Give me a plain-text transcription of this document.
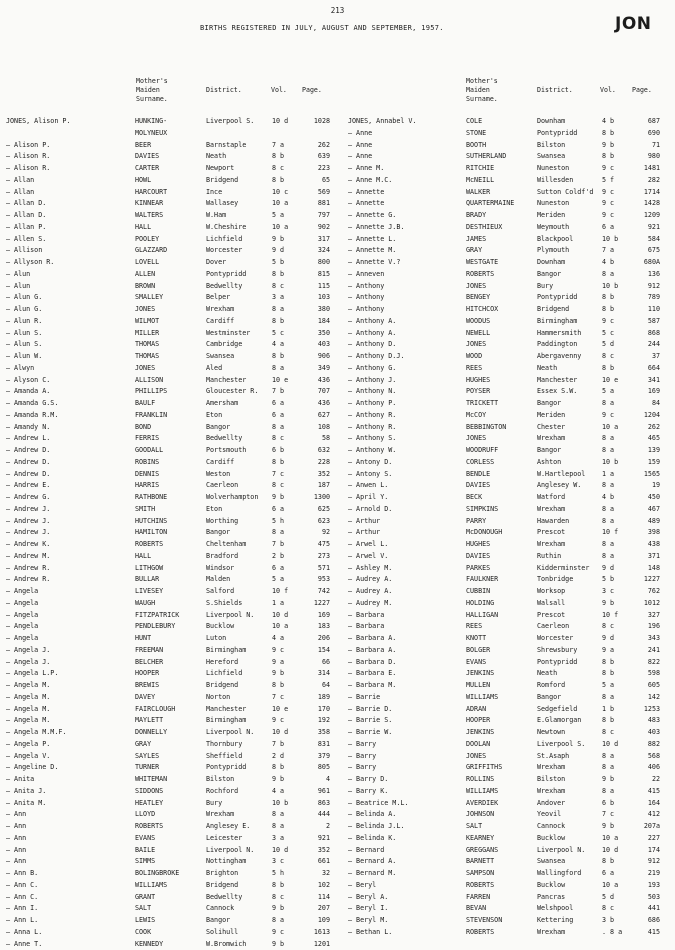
213
BIRTHS REGISTERED IN JULY, AUGUST AND SEPTEMBER, 1957.	JON
Mother's
Maiden
Surname.
District.	Vol. Page.
Mother's
Maiden
Surname.
District.	Vol. Page.
JONES, Alison P.	HUNKING-	Liverpool S.	10 d	1028
MOLYNEUX
— Alison P.	BEER	Barnstaple	7 a	262
— Alison R.	DAVIES	Neath	8 b	639
— Alison R.	CARTER	Newport	8 c	223
— Allan	HOWL	Bridgend	8 b	65
— Allan	HARCOURT	Ince	10 c	569
— Allan D.	KINNEAR	Wallasey	10 a	881
— Allan D.	WALTERS	W.Ham	5 a	797
— Allan P.	HALL	W.Cheshire	10 a	902
— Allen S.	POOLEY	Lichfield	9 b	317
— Allison	GLAZZARD	Worcester	9 d	324
— Allyson R.	LOVELL	Dover	5 b	800
— Alun	ALLEN	Pontypridd	8 b	815
— Alun	BROWN	Bedwellty	8 c	115
— Alun G.	SMALLEY	Belper	3 a	103
— Alun G.	JONES	Wrexham	8 a	380
— Alun R.	WILMOT	Cardiff	8 b	184
— Alun S.	MILLER	Westminster	5 c	350
— Alun S.	THOMAS	Cambridge	4 a	403
— Alun W.	THOMAS	Swansea	8 b	906
— Alwyn	JONES	Aled	8 a	349
— Alyson C.	ALLISON	Manchester	10 e	436
— Amanda A.	PHILLIPS	Gloucester R.	7 b	707
— Amanda G.S.	BAULF	Amersham	6 a	436
— Amanda R.M.	FRANKLIN	Eton	6 a	627
— Amandy N.	BOND	Bangor	8 a	108
— Andrew L.	FERRIS	Bedwellty	8 c	58
— Andrew D.	GOODALL	Portsmouth	6 b	632
— Andrew D.	ROBINS	Cardiff	8 b	228
— Andrew D.	DENNIS	Weston	7 c	352
— Andrew E.	HARRIS	Caerleon	8 c	187
— Andrew G.	RATHBONE	Wolverhampton	9 b	1300
— Andrew J.	SMITH	Eton	6 a	625
— Andrew J.	HUTCHINS	Worthing	5 h	623
— Andrew J.	HAMILTON	Bangor	8 a	92
— Andrew K.	ROBERTS	Cheltenham	7 b	475
— Andrew M.	HALL	Bradford	2 b	273
— Andrew R.	LITHGOW	Windsor	6 a	571
— Andrew R.	BULLAR	Malden	5 a	953
— Angela	LIVESEY	Salford	10 f	742
— Angela	WAUGH	S.Shields	1 a	1227
— Angela	FITZPATRICK	Liverpool N.	10 d	169
— Angela	PENDLEBURY	Bucklow	10 a	183
— Angela	HUNT	Luton	4 a	206
— Angela J.	FREEMAN	Birmingham	9 c	154
— Angela J.	BELCHER	Hereford	9 a	66
— Angela L.P.	HOOPER	Lichfield	9 b	314
— Angela M.	BREWIS	Bridgend	8 b	64
— Angela M.	DAVEY	Norton	7 c	189
— Angela M.	FAIRCLOUGH	Manchester	10 e	170
— Angela M.	MAYLETT	Birmingham	9 c	192
— Angela M.M.F.	DONNELLY	Liverpool N.	10 d	358
— Angela P.	GRAY	Thornbury	7 b	831
— Angela V.	SAYLES	Sheffield	2 d	379
— Angeline D.	TURNER	Pontypridd	8 b	805
— Anita	WHITEMAN	Bilston	9 b	4
— Anita J.	SIDDONS	Rochford	4 a	961
— Anita M.	HEATLEY	Bury	10 b	863
— Ann	LLOYD	Wrexham	8 a	444
— Ann	ROBERTS	Anglesey E.	8 a	2
— Ann	EVANS	Leicester	3 a	921
— Ann	BAILE	Liverpool N.	10 d	352
— Ann	SIMMS	Nottingham	3 c	661
— Ann B.	BOLINGBROKE	Brighton	5 h	32
— Ann C.	WILLIAMS	Bridgend	8 b	102
— Ann C.	GRANT	Bedwellty	8 c	114
— Ann I.	SALT	Cannock	9 b	207
— Ann L.	LEWIS	Bangor	8 a	109
— Anna L.	COOK	Solihull	9 c	1613
— Anne T.	KENNEDY	W.Bromwich	9 b	1201
JONES, Annabel V.	COLE	Downham	4 b	687
— Anne	STONE	Pontypridd	8 b	690
— Anne	BOOTH	Bilston	9 b	71
— Anne	SUTHERLAND	Swansea	8 b	980
— Anne M.	RITCHIE	Nuneston	9 c	1481
— Anne M.C.	McNEILL	Willesden	5 f	282
— Annette	WALKER	Sutton Coldf'd	9 c	1714
— Annette	QUARTERMAINE	Nuneston	9 c	1428
— Annette G.	BRADY	Meriden	9 c	1209
— Annette J.B.	DESTHIEUX	Weymouth	6 a	921
— Annette L.	JAMES	Blackpool	10 b	584
— Annette M.	GRAY	Plymouth	7 a	675
— Annette V.?	WESTGATE	Downham	4 b	680A
— Anneven	ROBERTS	Bangor	8 a	136
— Anthony	JONES	Bury	10 b	912
— Anthony	BENGEY	Pontypridd	8 b	789
— Anthony	HITCHCOX	Bridgend	8 b	110
— Anthony A.	WOODUS	Birmingham	9 c	587
— Anthony A.	NEWELL	Hammersmith	5 c	868
— Anthony D.	JONES	Paddington	5 d	244
— Anthony D.J.	WOOD	Abergavenny	8 c	37
— Anthony G.	REES	Neath	8 b	664
— Anthony J.	HUGHES	Manchester	10 e	341
— Anthony N.	POYSER	Essex S.W.	5 a	169
— Anthony P.	TRICKETT	Bangor	8 a	84
— Anthony R.	McCOY	Meriden	9 c	1204
— Anthony R.	BEBBINGTON	Chester	10 a	262
— Anthony S.	JONES	Wrexham	8 a	465
— Anthony W.	WOODRUFF	Bangor	8 a	139
— Antony D.	CORLESS	Ashton	10 b	159
— Antony S.	BENDLE	W.Hartlepool	1 a	1565
— Anwen L.	DAVIES	Anglesey W.	8 a	19
— April Y.	BECK	Watford	4 b	450
— Arnold D.	SIMPKINS	Wrexham	8 a	467
— Arthur	PARRY	Hawarden	8 a	489
— Arthur	McDONOUGH	Prescot	10 f	398
— Arwel L.	HUGHES	Wrexham	8 a	438
— Arwel V.	DAVIES	Ruthin	8 a	371
— Ashley M.	PARKES	Kidderminster	9 d	148
— Audrey A.	FAULKNER	Tonbridge	5 b	1227
— Audrey A.	CUBBIN	Worksop	3 c	762
— Audrey M.	HOLDING	Walsall	9 b	1012
— Barbara	HALLIGAN	Prescot	10 f	327
— Barbara	REES	Caerleon	8 c	196
— Barbara A.	KNOTT	Worcester	9 d	343
— Barbara A.	BOLGER	Shrewsbury	9 a	241
— Barbara D.	EVANS	Pontypridd	8 b	822
— Barbara E.	JENKINS	Neath	8 b	598
— Barbara M.	MULLEN	Romford	5 a	605
— Barrie	WILLIAMS	Bangor	8 a	142
— Barrie D.	ADRAN	Sedgefield	1 b	1253
— Barrie S.	HOOPER	E.Glamorgan	8 b	483
— Barrie W.	JENKINS	Newtown	8 c	403
— Barry	DOOLAN	Liverpool S.	10 d	882
— Barry	JONES	St.Asaph	8 a	568
— Barry	GRIFFITHS	Wrexham	8 a	406
— Barry D.	ROLLINS	Bilston	9 b	22
— Barry K.	WILLIAMS	Wrexham	8 a	415
— Beatrice M.L.	AVERDIEK	Andover	6 b	164
— Belinda A.	JOHNSON	Yeovil	7 c	412
— Belinda J.L.	SALT	Cannock	9 b	207a
— Belinda K.	KEARNEY	Bucklow	10 a	227
— Bernard	GREGGANS	Liverpool N.	10 d	174
— Bernard A.	BARNETT	Swansea	8 b	912
— Bernard M.	SAMPSON	Wallingford	6 a	219
— Beryl	ROBERTS	Bucklow	10 a	193
— Beryl A.	FARREN	Pancras	5 d	503
— Beryl I.	BEVAN	Welshpool	8 c	441
— Beryl M.	STEVENSON	Kettering	3 b	686
— Bethan L.	ROBERTS	Wrexham	. 8 a	415
